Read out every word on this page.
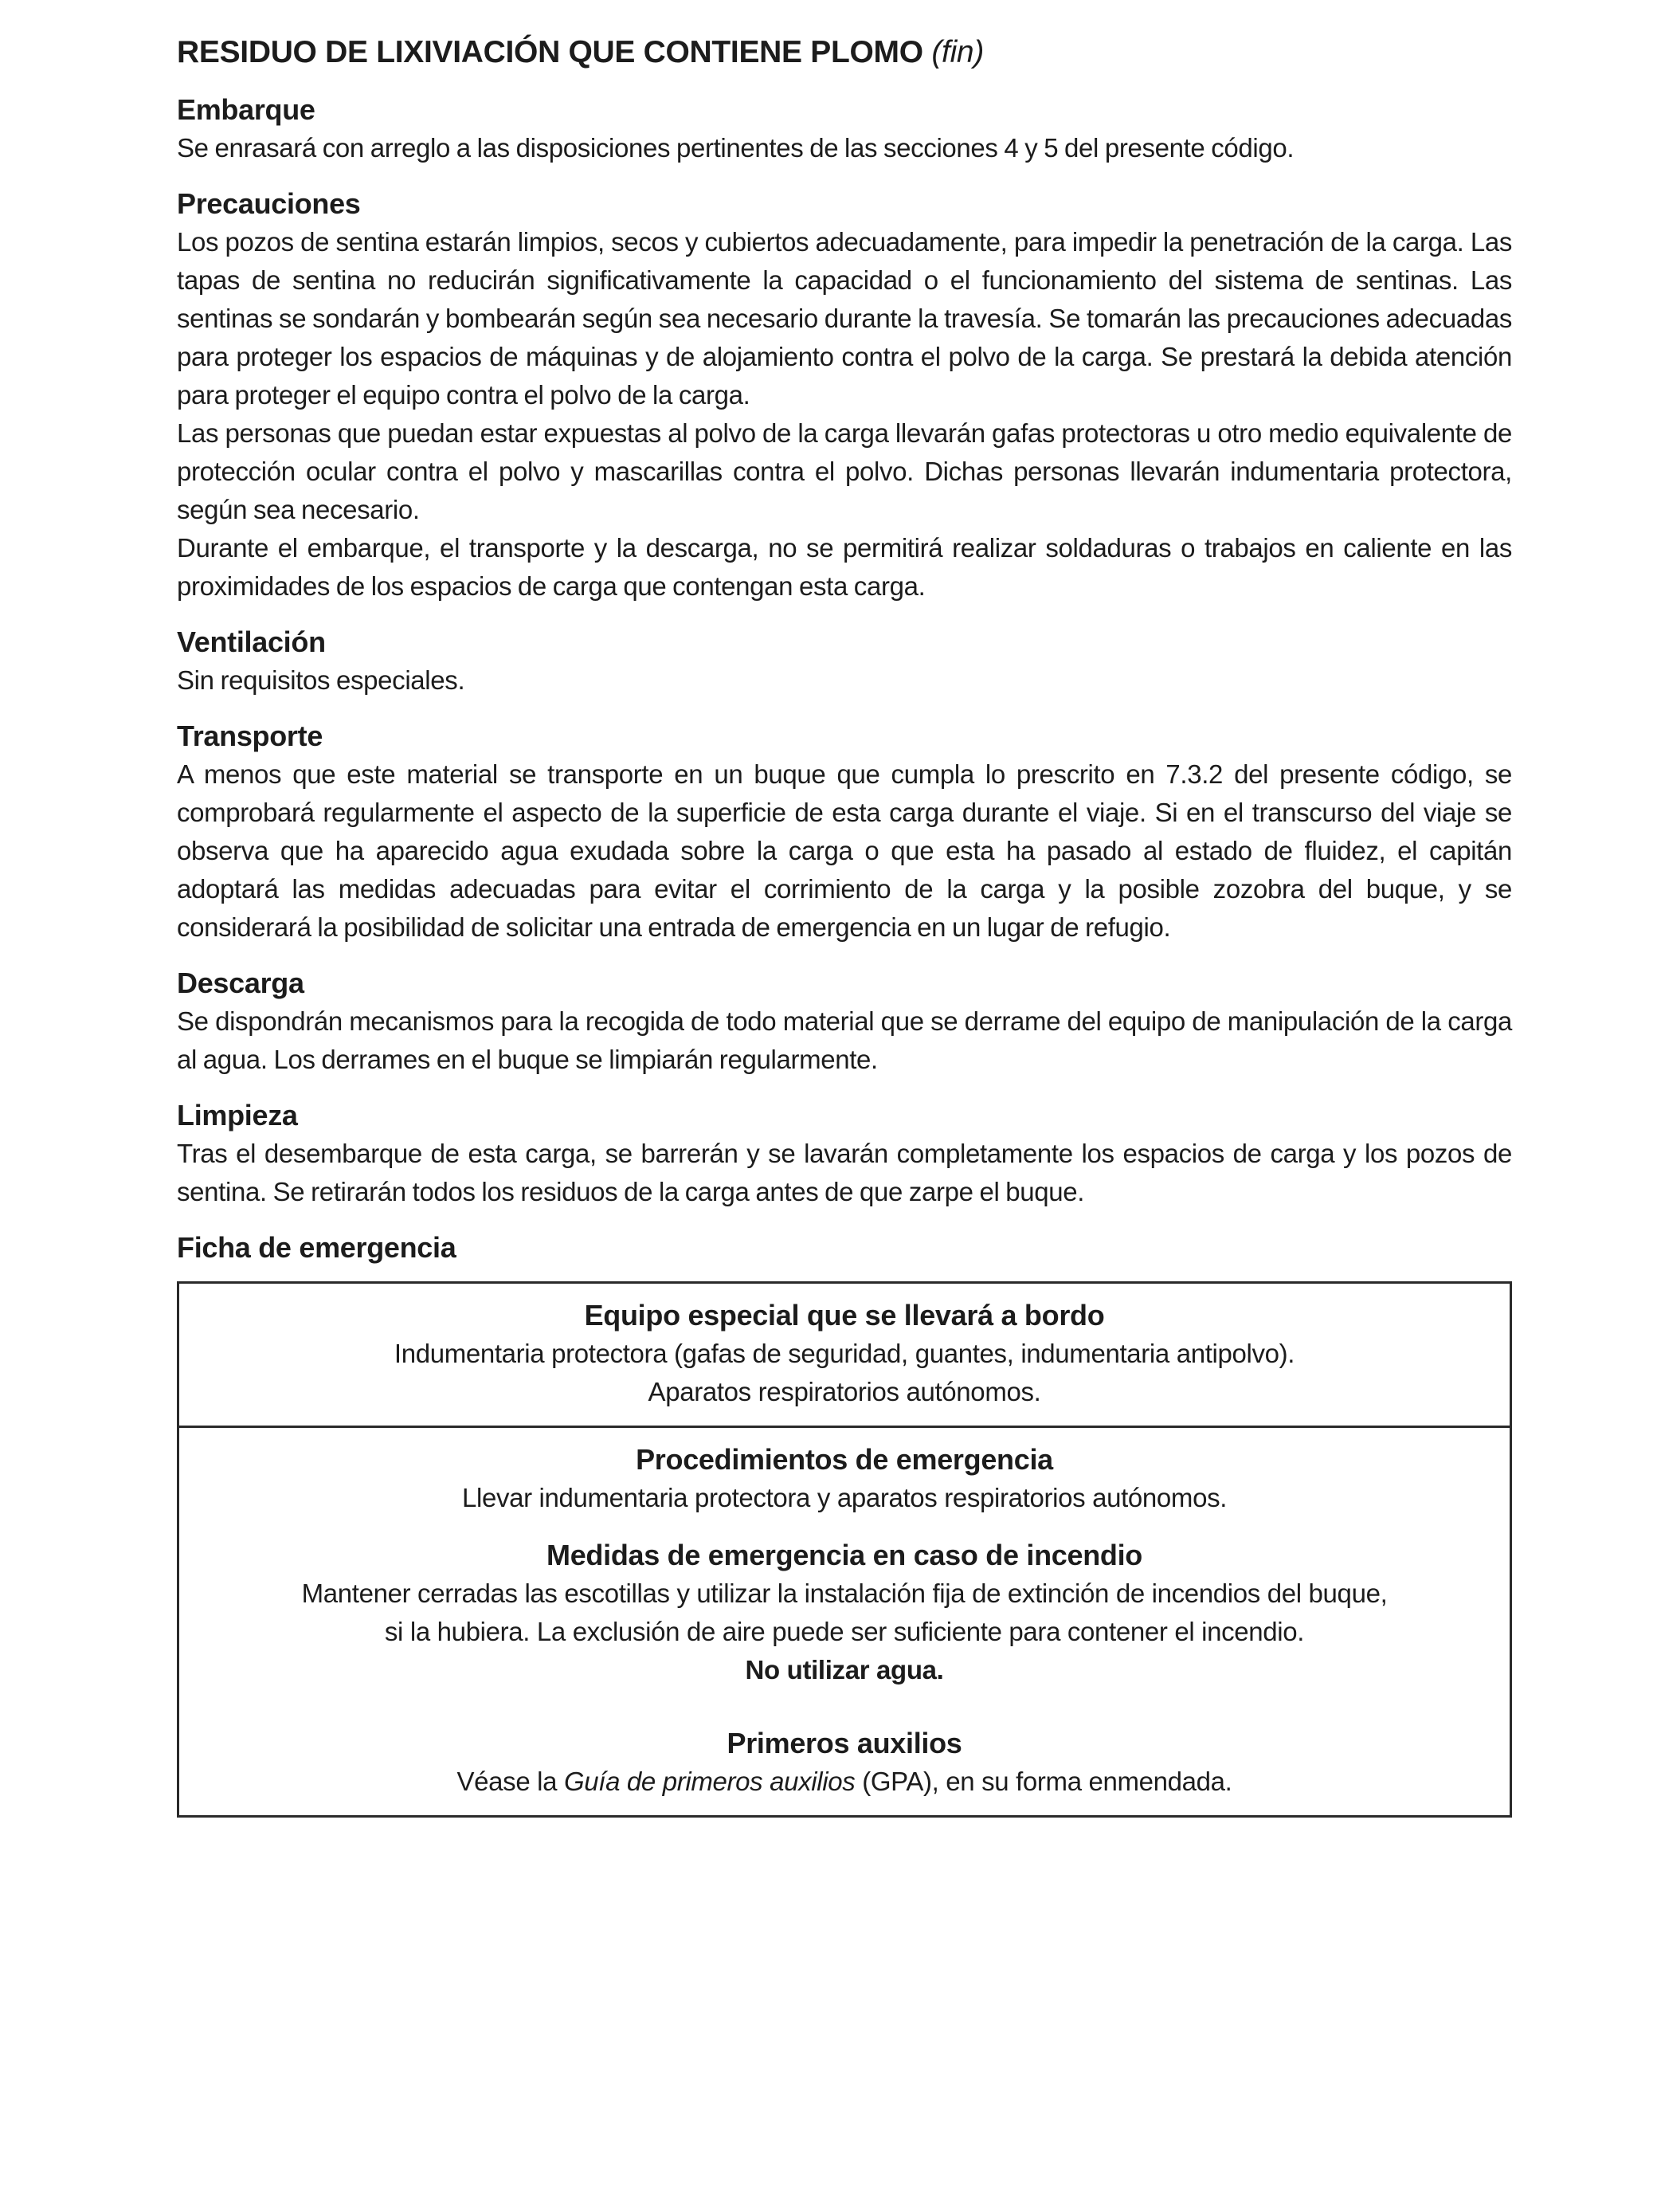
RESIDUO DE LIXIVIACIÓN QUE CONTIENE PLOMO (fin)
Embarque

Se enrasará con arreglo a las disposiciones pertinentes de las secciones 4 y 5 del presente código.

Precauciones

Los pozos de sentina estarán limpios, secos y cubiertos adecuadamente, para impedir la penetración de la carga. Las tapas de sentina no reducirán significativamente la capacidad o el funcionamiento del sistema de sentinas. Las sentinas se sondarán y bombearán según sea necesario durante la travesía. Se tomarán las precauciones adecuadas para proteger los espacios de máquinas y de alojamiento contra el polvo de la carga. Se prestará la debida atención para proteger el equipo contra el polvo de la carga.

Las personas que puedan estar expuestas al polvo de la carga llevarán gafas protectoras u otro medio equivalente de protección ocular contra el polvo y mascarillas contra el polvo. Dichas personas llevarán indumentaria protectora, según sea necesario.

Durante el embarque, el transporte y la descarga, no se permitirá realizar soldaduras o trabajos en caliente en las proximidades de los espacios de carga que contengan esta carga.

Ventilación

Sin requisitos especiales.

Transporte

A menos que este material se transporte en un buque que cumpla lo prescrito en 7.3.2 del presente código, se comprobará regularmente el aspecto de la superficie de esta carga durante el viaje. Si en el transcurso del viaje se observa que ha aparecido agua exudada sobre la carga o que esta ha pasado al estado de fluidez, el capitán adoptará las medidas adecuadas para evitar el corrimiento de la carga y la posible zozobra del buque, y se considerará la posibilidad de solicitar una entrada de emergencia en un lugar de refugio.

Descarga

Se dispondrán mecanismos para la recogida de todo material que se derrame del equipo de manipulación de la carga al agua. Los derrames en el buque se limpiarán regularmente.

Limpieza

Tras el desembarque de esta carga, se barrerán y se lavarán completamente los espacios de carga y los pozos de sentina. Se retirarán todos los residuos de la carga antes de que zarpe el buque.

Ficha de emergencia
Equipo especial que se llevará a bordo
Indumentaria protectora (gafas de seguridad, guantes, indumentaria antipolvo).
Aparatos respiratorios autónomos.
Procedimientos de emergencia
Llevar indumentaria protectora y aparatos respiratorios autónomos.
Medidas de emergencia en caso de incendio
Mantener cerradas las escotillas y utilizar la instalación fija de extinción de incendios del buque,
si la hubiera. La exclusión de aire puede ser suficiente para contener el incendio.
No utilizar agua.
Primeros auxilios
Véase la Guía de primeros auxilios (GPA), en su forma enmendada.
